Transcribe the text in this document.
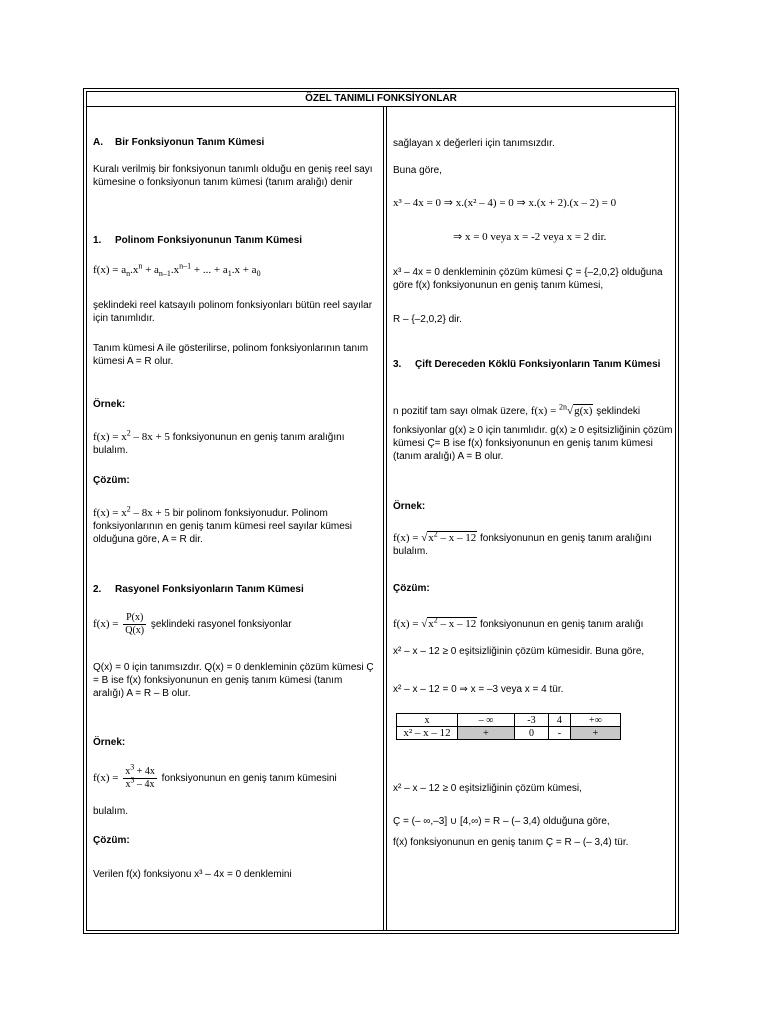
ÖZEL TANIMLI FONKSİYONLAR
A. Bir Fonksiyonun Tanım Kümesi
Kuralı verilmiş bir fonksiyonun tanımlı olduğu en geniş reel sayı kümesine o fonksiyonun tanım kümesi (tanım aralığı) denir
1. Polinom Fonksiyonunun Tanım Kümesi
$f(x) = a_n.x^n + a_{n-1}.x^{n-1}$ + ... + $a_1.x + a_0$
şeklindeki reel katsayılı polinom fonksiyonları bütün reel sayılar için tanımlıdır.
Tanım kümesi A ile gösterilirse, polinom fonksiyonlarının tanım kümesi A = R olur.
Örnek:
$f(x) = x^2 - 8x + 5$ fonksiyonunun en geniş tanım aralığını bulalım.
Çözüm:
$f(x) = x^2 - 8x + 5$ bir polinom fonksiyonudur. Polinom fonksiyonlarının en geniş tanım kümesi reel sayılar kümesi olduğuna göre, A = R dir.
2. Rasyonel Fonksiyonların Tanım Kümesi
$f(x) = \frac{P(x)}{Q(x)}$ şeklindeki rasyonel fonksiyonlar
Q(x) = 0 için tanımsızdır. Q(x) = 0 denkleminin çözüm kümesi Ç = B ise f(x) fonksiyonunun en geniş tanım kümesi (tanım aralığı) A = R – B olur.
Örnek:
$f(x) = \frac{x^3 + 4x}{x^3 - 4x}$ fonksiyonunun en geniş tanım kümesini
bulalım.
Çözüm:
Verilen f(x) fonksiyonu x³ – 4x = 0 denklemini
sağlayan x değerleri için tanımsızdır.
Buna göre,
x³ – 4x = 0 ⇒ x.(x² – 4) = 0 ⇒ x.(x + 2).(x – 2) = 0
⇒ x = 0 veya x = -2 veya x = 2 dir.
x³ – 4x = 0 denkleminin çözüm kümesi Ç = {–2,0,2} olduğuna göre f(x) fonksiyonunun en geniş tanım kümesi,
R – {–2,0,2} dir.
3.	Çift Dereceden Köklü Fonksiyonların Tanım Kümesi
n pozitif tam sayı olmak üzere, f(x) = $^{2n}$√g(x) şeklindeki
fonksiyonlar g(x) ≥ 0 için tanımlıdır. g(x) ≥ 0 eşitsizliğinin çözüm kümesi Ç= B ise f(x) fonksiyonunun en geniş tanım kümesi (tanım aralığı) A = B olur.
Örnek:
$f(x) = √x^2 - x - 12$ fonksiyonunun en geniş tanım aralığını bulalım.
Çözüm:
$f(x) = √x^2 - x - 12$ fonksiyonunun en geniş tanım aralığı
x² – x – 12 ≥ 0 eşitsizliğinin çözüm kümesidir. Buna göre,
x² – x – 12 = 0 ⇒ x = –3 veya x = 4 tür.
x	– ∞	-3	4	+∞
x² – x – 12	+	0	-	+
x² – x – 12 ≥ 0 eşitsizliğinin çözüm kümesi,
Ç = (– ∞,–3] ∪ [4,∞) = R – (– 3,4) olduğuna göre,
f(x) fonksiyonunun en geniş tanım Ç = R – (– 3,4) tür.
